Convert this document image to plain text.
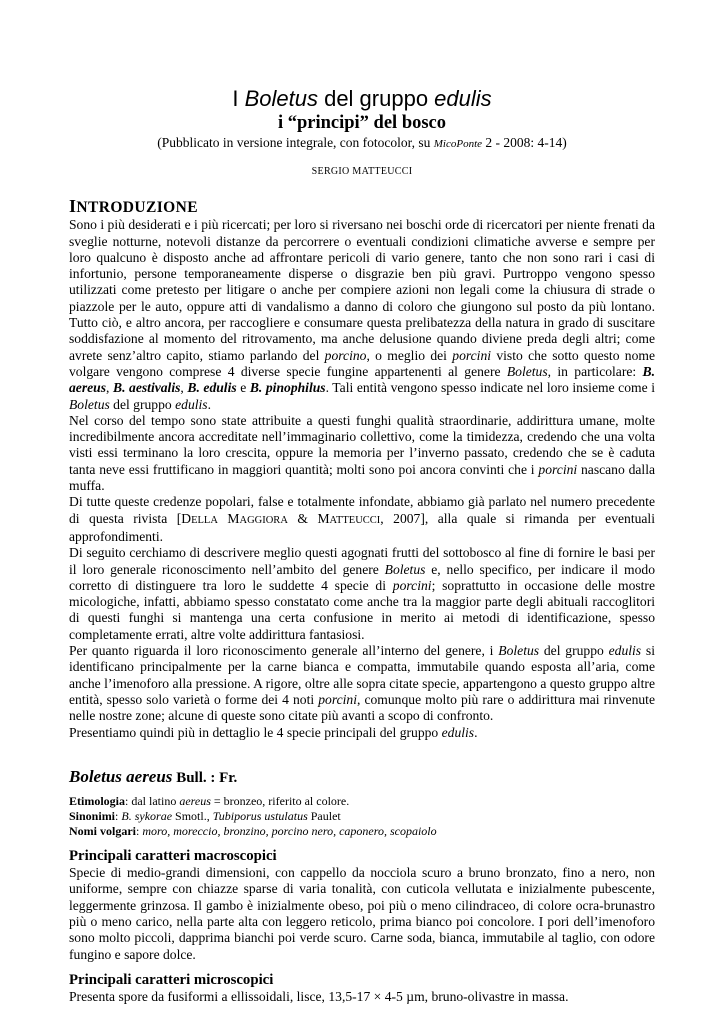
I Boletus del gruppo edulis
i “principi” del bosco
(Pubblicato in versione integrale, con fotocolor, su MicoPonte 2 - 2008: 4-14)
SERGIO MATTEUCCI
INTRODUZIONE
Sono i più desiderati e i più ricercati; per loro si riversano nei boschi orde di ricercatori per niente frenati da sveglie notturne, notevoli distanze da percorrere o eventuali condizioni climatiche avverse e sempre per loro qualcuno è disposto anche ad affrontare pericoli di vario genere, tanto che non sono rari i casi di infortunio, persone temporaneamente disperse o disgrazie ben più gravi. Purtroppo vengono spesso utilizzati come pretesto per litigare o anche per compiere azioni non legali come la chiusura di strade o piazzole per le auto, oppure atti di vandalismo a danno di coloro che giungono sul posto da più lontano. Tutto ciò, e altro ancora, per raccogliere e consumare questa prelibatezza della natura in grado di suscitare soddisfazione al momento del ritrovamento, ma anche delusione quando diviene preda degli altri; come avrete senz’altro capito, stiamo parlando del porcino, o meglio dei porcini visto che sotto questo nome volgare vengono comprese 4 diverse specie fungine appartenenti al genere Boletus, in particolare: B. aereus, B. aestivalis, B. edulis e B. pinophilus. Tali entità vengono spesso indicate nel loro insieme come i Boletus del gruppo edulis.
Nel corso del tempo sono state attribuite a questi funghi qualità straordinarie, addirittura umane, molte incredibilmente ancora accreditate nell’immaginario collettivo, come la timidezza, credendo che una volta visti essi terminano la loro crescita, oppure la memoria per l’inverno passato, credendo che se è caduta tanta neve essi fruttificano in maggiori quantità; molti sono poi ancora convinti che i porcini nascano dalla muffa.
Di tutte queste credenze popolari, false e totalmente infondate, abbiamo già parlato nel numero precedente di questa rivista [DELLA MAGGIORA & MATTEUCCI, 2007], alla quale si rimanda per eventuali approfondimenti.
Di seguito cerchiamo di descrivere meglio questi agognati frutti del sottobosco al fine di fornire le basi per il loro generale riconoscimento nell’ambito del genere Boletus e, nello specifico, per indicare il modo corretto di distinguere tra loro le suddette 4 specie di porcini; soprattutto in occasione delle mostre micologiche, infatti, abbiamo spesso constatato come anche tra la maggior parte degli abituali raccoglitori di questi funghi si mantenga una certa confusione in merito ai metodi di identificazione, spesso completamente errati, altre volte addirittura fantasiosi.
Per quanto riguarda il loro riconoscimento generale all’interno del genere, i Boletus del gruppo edulis si identificano principalmente per la carne bianca e compatta, immutabile quando esposta all’aria, come anche l’imenoforo alla pressione. A rigore, oltre alle sopra citate specie, appartengono a questo gruppo altre entità, spesso solo varietà o forme dei 4 noti porcini, comunque molto più rare o addirittura mai rinvenute nelle nostre zone; alcune di queste sono citate più avanti a scopo di confronto.
Presentiamo quindi più in dettaglio le 4 specie principali del gruppo edulis.
Boletus aereus Bull. : Fr.
Etimologia: dal latino aereus = bronzeo, riferito al colore.
Sinonimi: B. sykorae Smotl., Tubiporus ustulatus Paulet
Nomi volgari: moro, moreccio, bronzino, porcino nero, caponero, scopaiolo
Principali caratteri macroscopici
Specie di medio-grandi dimensioni, con cappello da nocciola scuro a bruno bronzato, fino a nero, non uniforme, sempre con chiazze sparse di varia tonalità, con cuticola vellutata e inizialmente pubescente, leggermente grinzosa. Il gambo è inizialmente obeso, poi più o meno cilindraceo, di colore ocra-brunastro più o meno carico, nella parte alta con leggero reticolo, prima bianco poi concolore. I pori dell’imenoforo sono molto piccoli, dapprima bianchi poi verde scuro. Carne soda, bianca, immutabile al taglio, con odore fungino e sapore dolce.
Principali caratteri microscopici
Presenta spore da fusiformi a ellissoidali, lisce, 13,5-17 × 4-5 µm, bruno-olivastre in massa.
